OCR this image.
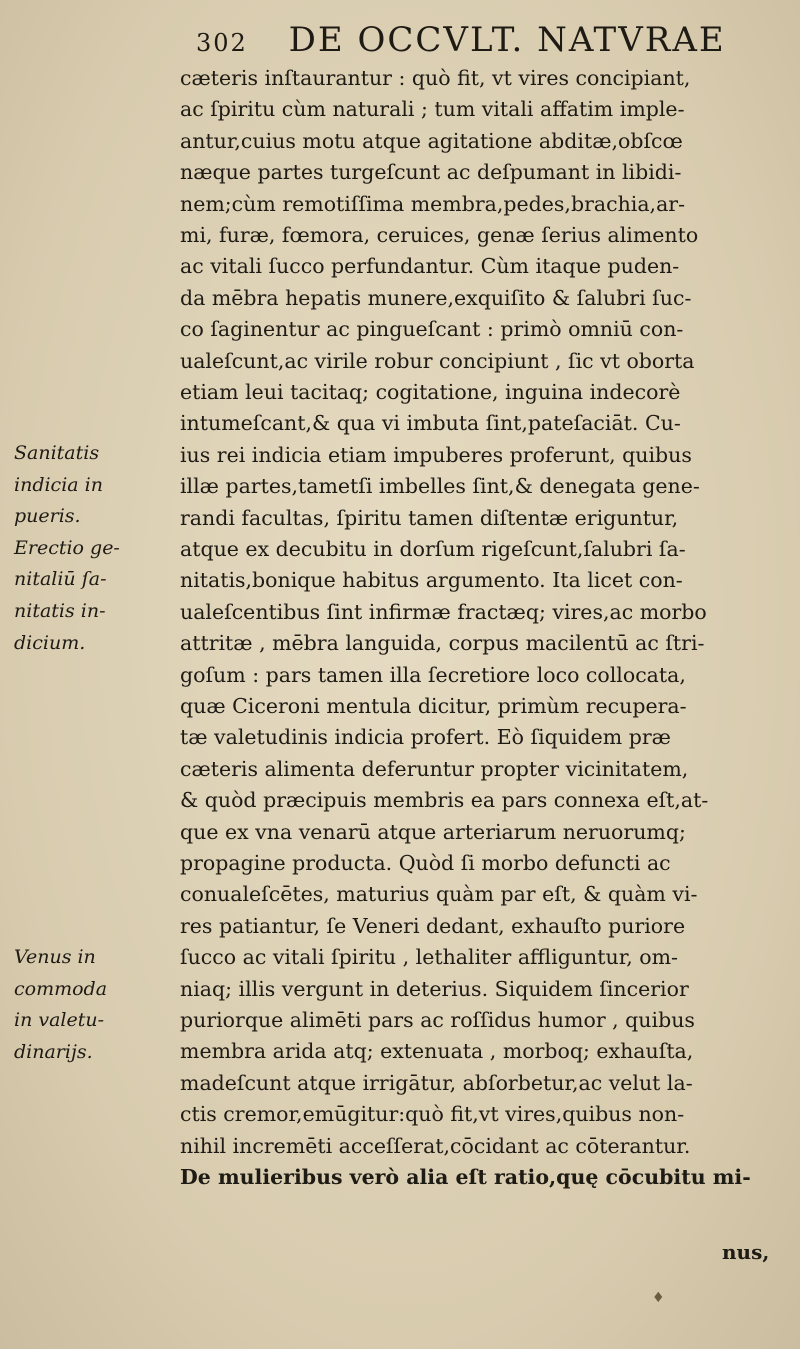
302 DE OCCVLT. NATVRAE
cæteris inſtaurantur : quò fit, vt vires concipiant,
ac ſpiritu cùm naturali ; tum vitali affatim imple-
antur,cuius motu atque agitatione abditæ,obſcœ
næque partes turgeſcunt ac deſpumant in libidi-
nem;cùm remotiſſima membra,pedes,brachia,ar-
mi, furæ, fœmora, ceruices, genæ ſerius alimento
ac vitali ſucco perfundantur. Cùm itaque puden-
da mēbra hepatis munere,exquiſito & ſalubri ſuc-
co ſaginentur ac pingueſcant : primò omniū con-
ualeſcunt,ac virile robur concipiunt , ſic vt oborta
etiam leui tacitaq; cogitatione, inguina indecorè
intumeſcant,& qua vi imbuta ſint,pateſaciāt. Cu-
ius rei indicia etiam impuberes proferunt, quibus
illæ partes,tametſi imbelles ſint,& denegata gene-
randi facultas, ſpiritu tamen diſtentæ eriguntur,
atque ex decubitu in dorſum rigeſcunt,ſalubri ſa-
nitatis,bonique habitus argumento. Ita licet con-
ualeſcentibus ſint infirmæ fractæq; vires,ac morbo
attritæ , mēbra languida, corpus macilentū ac ſtri-
goſum : pars tamen illa ſecretiore loco collocata,
quæ Ciceroni mentula dicitur, primùm recupera-
tæ valetudinis indicia profert. Eò ſiquidem præ
cæteris alimenta deferuntur propter vicinitatem,
& quòd præcipuis membris ea pars connexa eſt,at-
que ex vna venarū atque arteriarum neruorumq;
propagine producta. Quòd ſi morbo defuncti ac
conualeſcētes, maturius quàm par eſt, & quàm vi-
res patiantur, ſe Veneri dedant, exhauſto puriore
ſucco ac vitali ſpiritu , lethaliter affliguntur, om-
niaq; illis vergunt in deterius. Siquidem ſincerior
puriorque alimēti pars ac roſſidus humor , quibus
membra arida atq; extenuata , morboq; exhauſta,
madeſcunt atque irrigātur, abſorbetur,ac velut la-
ctis cremor,emūgitur:quò fit,vt vires,quibus non-
nihil incremēti acceſſerat,cōcidant ac cōterantur.
De mulieribus verò alia eſt ratio,quę cōcubitu mi-
Sanitatis
indicia in
pueris.
Erectio ge-
nitaliū ſa-
nitatis in-
dicium.
Venus in
commoda
in valetu-
dinarijs.
nus,
♦
